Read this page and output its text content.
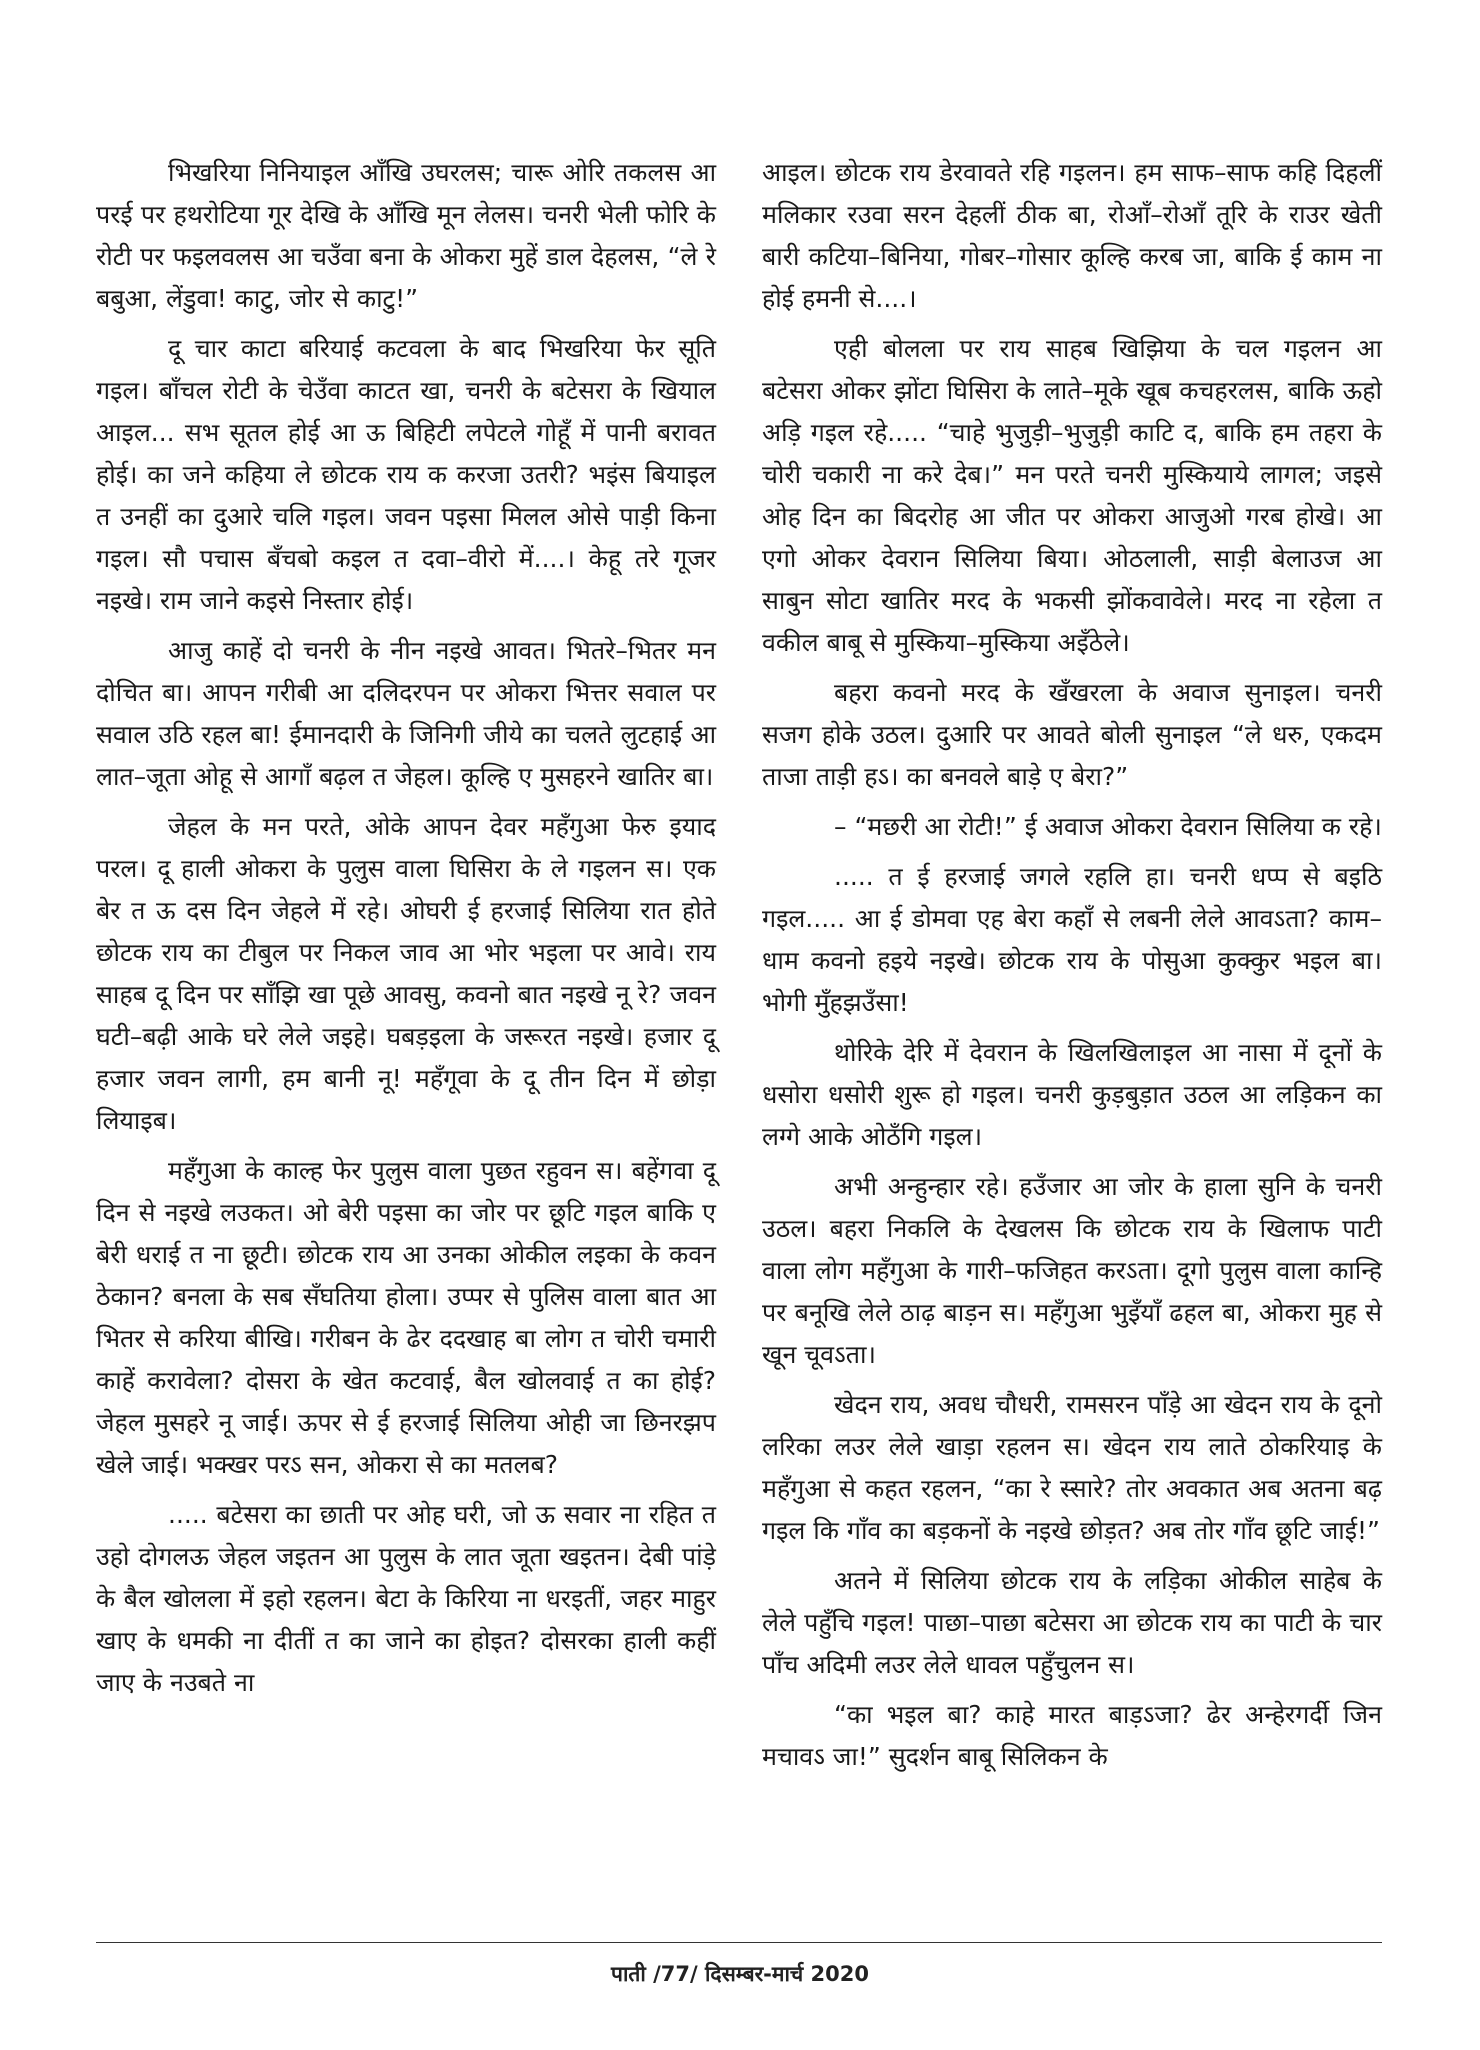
भिखरिया निनियाइल आँखि उघरलस; चारू ओरि तकलस आ परई पर हथरोटिया गूर देखि के आँखि मून लेलस। चनरी भेली फोरि के रोटी पर फइलवलस आ चउँवा बना के ओकरा मुहें डाल देहलस, “ले रे बबुआ, लेंडुवा! काटु, जोर से काटु!”

दू चार काटा बरियाई कटवला के बाद भिखरिया फेर सूति गइल। बाँचल रोटी के चेउँवा काटत खा, चनरी के बटेसरा के खियाल आइल... सभ सूतल होई आ ऊ बिहिटी लपेटले गोहूँ में पानी बरावत होई। का जने कहिया ले छोटक राय क करजा उतरी? भइंस बियाइल त उनहीं का दुआरे चलि गइल। जवन पइसा मिलल ओसे पाड़ी किना गइल। सौ पचास बँचबो कइल त दवा–वीरो में....। केहू तरे गूजर नइखे। राम जाने कइसे निस्तार होई।

आजु काहें दो चनरी के नीन नइखे आवत। भितरे–भितर मन दोचित बा। आपन गरीबी आ दलिदरपन पर ओकरा भित्तर सवाल पर सवाल उठि रहल बा! ईमानदारी के जिनिगी जीये का चलते लुटहाई आ लात–जूता ओहू से आगाँ बढ़ल त जेहल। कूल्हि ए मुसहरने खातिर बा।

जेहल के मन परते, ओके आपन देवर महँगुआ फेरु इयाद परल। दू हाली ओकरा के पुलुस वाला घिसिरा के ले गइलन स। एक बेर त ऊ दस दिन जेहले में रहे। ओघरी ई हरजाई सिलिया रात होते छोटक राय का टीबुल पर निकल जाव आ भोर भइला पर आवे। राय साहब दू दिन पर साँझि खा पूछे आवसु, कवनो बात नइखे नू रे? जवन घटी–बढ़ी आके घरे लेले जइहे। घबड़इला के जरूरत नइखे। हजार दू हजार जवन लागी, हम बानी नू! महँगूवा के दू तीन दिन में छोड़ा लियाइब।

महँगुआ के काल्ह फेर पुलुस वाला पुछत रहुवन स। बहेंगवा दू दिन से नइखे लउकत। ओ बेरी पइसा का जोर पर छूटि गइल बाकि ए बेरी धराई त ना छूटी। छोटक राय आ उनका ओकील लइका के कवन ठेकान? बनला के सब सँघतिया होला। उप्पर से पुलिस वाला बात आ भितर से करिया बीखि। गरीबन के ढेर ददखाह बा लोग त चोरी चमारी काहें करावेला? दोसरा के खेत कटवाई, बैल खोलवाई त का होई? जेहल मुसहरे नू जाई। ऊपर से ई हरजाई सिलिया ओही जा छिनरझप खेले जाई। भक्खर परऽ सन, ओकरा से का मतलब?

..... बटेसरा का छाती पर ओह घरी, जो ऊ सवार ना रहित त उहो दोगलऊ जेहल जइतन आ पुलुस के लात जूता खइतन। देबी पांड़े के बैल खोलला में इहो रहलन। बेटा के किरिया ना धरइतीं, जहर माहुर खाए के धमकी ना दीतीं त का जाने का होइत? दोसरका हाली कहीं जाए के नउबते ना

आइल। छोटक राय डेरवावते रहि गइलन। हम साफ–साफ कहि दिहलीं मलिकार रउवा सरन देहलीं ठीक बा, रोआँ–रोआँ तूरि के राउर खेती बारी कटिया–बिनिया, गोबर–गोसार कूल्हि करब जा, बाकि ई काम ना होई हमनी से....।

एही बोलला पर राय साहब खिझिया के चल गइलन आ बटेसरा ओकर झोंटा घिसिरा के लाते–मूके खूब कचहरलस, बाकि ऊहो अड़ि गइल रहे..... “चाहे भुजुड़ी–भुजुड़ी काटि द, बाकि हम तहरा के चोरी चकारी ना करे देब।” मन परते चनरी मुस्कियाये लागल; जइसे ओह दिन का बिदरोह आ जीत पर ओकरा आजुओ गरब होखे। आ एगो ओकर देवरान सिलिया बिया। ओठलाली, साड़ी बेलाउज आ साबुन सोटा खातिर मरद के भकसी झोंकवावेले। मरद ना रहेला त वकील बाबू से मुस्किया–मुस्किया अइँठेले।

बहरा कवनो मरद के खँखरला के अवाज सुनाइल। चनरी सजग होके उठल। दुआरि पर आवते बोली सुनाइल “ले धरु, एकदम ताजा ताड़ी हऽ। का बनवले बाड़े ए बेरा?”

– “मछरी आ रोटी!” ई अवाज ओकरा देवरान सिलिया क रहे।

..... त ई हरजाई जगले रहलि हा। चनरी धप्प से बइठि गइल..... आ ई डोमवा एह बेरा कहाँ से लबनी लेले आवऽता? काम–धाम कवनो हइये नइखे। छोटक राय के पोसुआ कुक्कुर भइल बा। भोगी मुँहझउँसा!

थोरिके देरि में देवरान के खिलखिलाइल आ नासा में दूनों के धसोरा धसोरी शुरू हो गइल। चनरी कुड़बुड़ात उठल आ लड़िकन का लग्गे आके ओठँगि गइल।

अभी अन्हुन्हार रहे। हउँजार आ जोर के हाला सुनि के चनरी उठल। बहरा निकलि के देखलस कि छोटक राय के खिलाफ पाटी वाला लोग महँगुआ के गारी–फजिहत करऽता। दूगो पुलुस वाला कान्हि पर बनूखि लेले ठाढ़ बाड़न स। महँगुआ भुइँयाँ ढहल बा, ओकरा मुह से खून चूवऽता।

खेदन राय, अवध चौधरी, रामसरन पाँड़े आ खेदन राय के दूनो लरिका लउर लेले खाड़ा रहलन स। खेदन राय लाते ठोकरियाइ के महँगुआ से कहत रहलन, “का रे स्सारे? तोर अवकात अब अतना बढ़ गइल कि गाँव का बड़कनों के नइखे छोड़त? अब तोर गाँव छूटि जाई!”

अतने में सिलिया छोटक राय के लड़िका ओकील साहेब के लेले पहुँचि गइल! पाछा–पाछा बटेसरा आ छोटक राय का पाटी के चार पाँच अदिमी लउर लेले धावल पहुँचुलन स।

“का भइल बा? काहे मारत बाड़ऽजा? ढेर अन्हेरगर्दी जिन मचावऽ जा!” सुदर्शन बाबू सिलिकन के

पाती /77/ दिसम्बर-मार्च 2020
